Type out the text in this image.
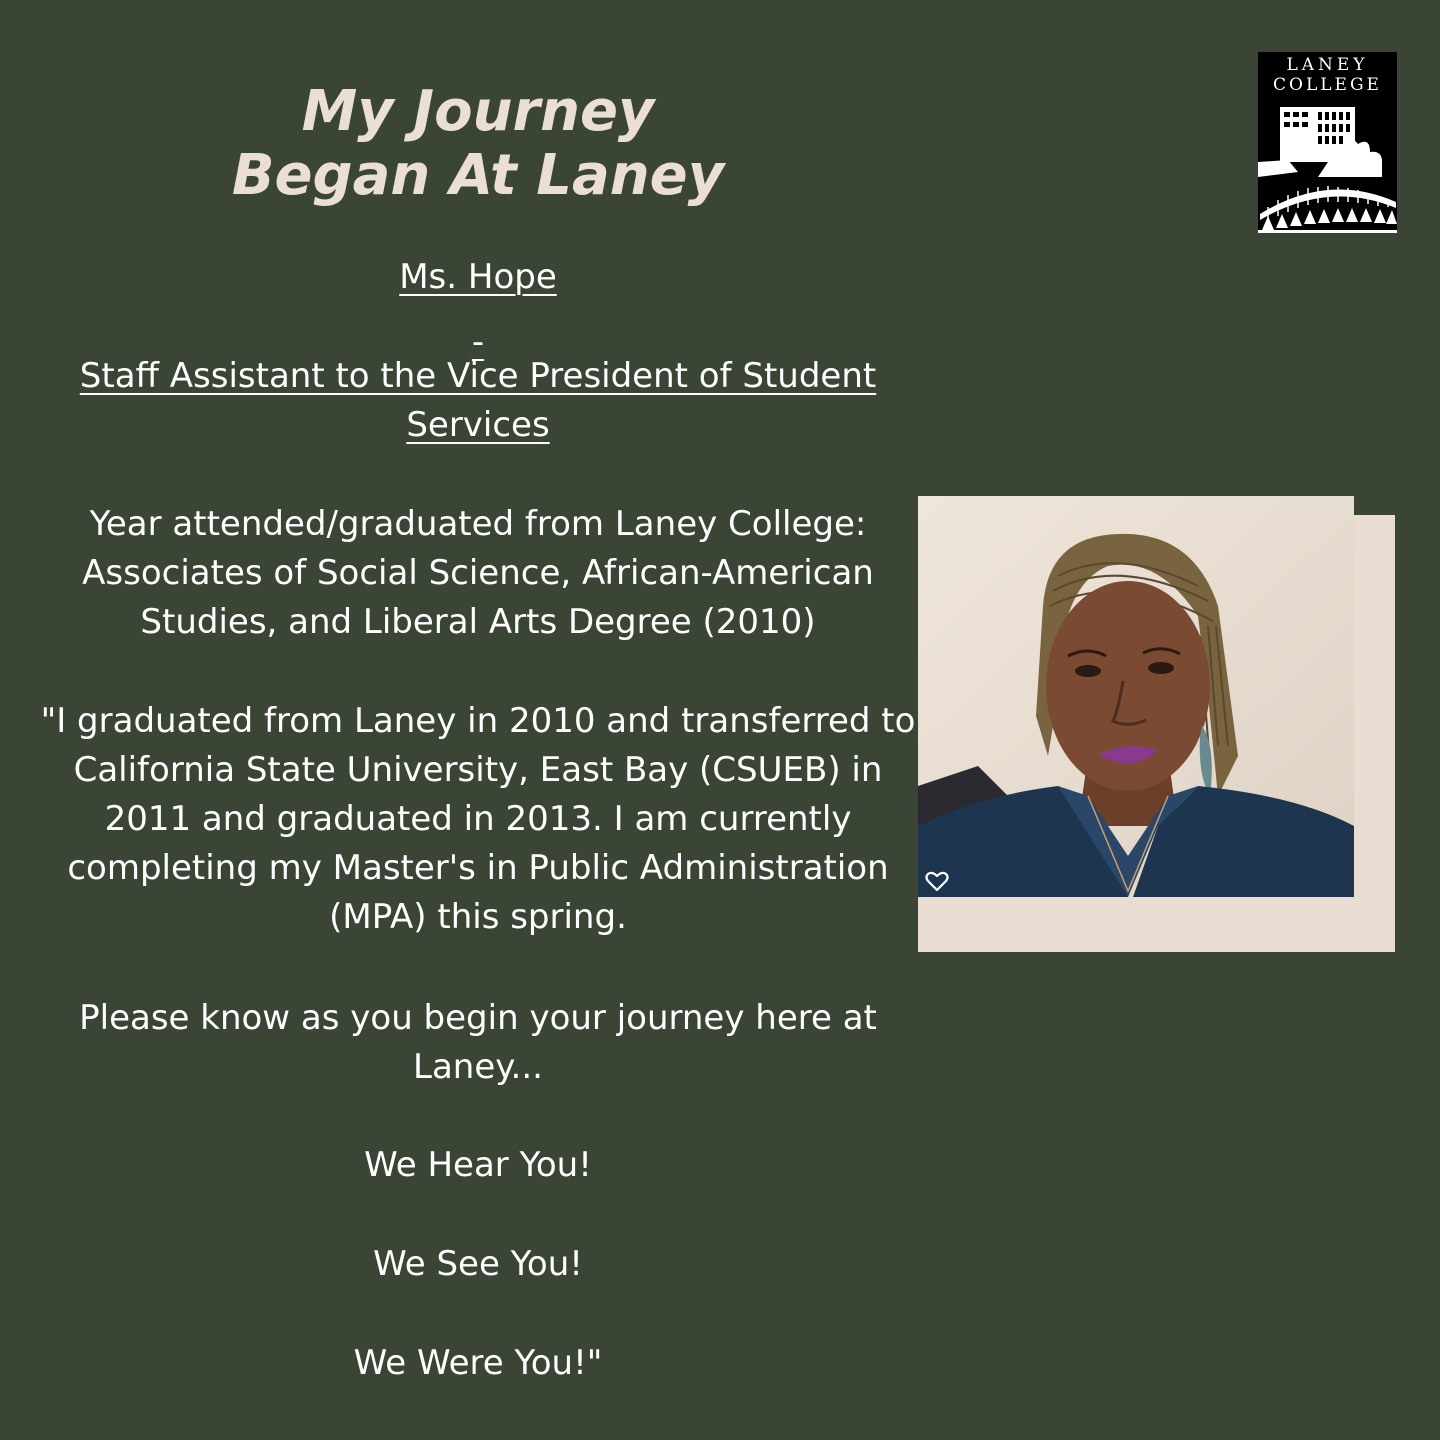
My Journey
Began At Laney
Ms. Hope
-
Staff Assistant to the Vice President of Student Services
Year attended/graduated from Laney College: Associates of Social Science, African-American Studies, and Liberal Arts Degree (2010)
"I graduated from Laney in 2010 and transferred to California State University, East Bay (CSUEB) in 2011 and graduated in 2013. I am currently completing my Master's in Public Administration (MPA) this spring.
Please know as you begin your journey here at Laney...
We Hear You!
We See You!
We Were You!"
LANEY
COLLEGE
